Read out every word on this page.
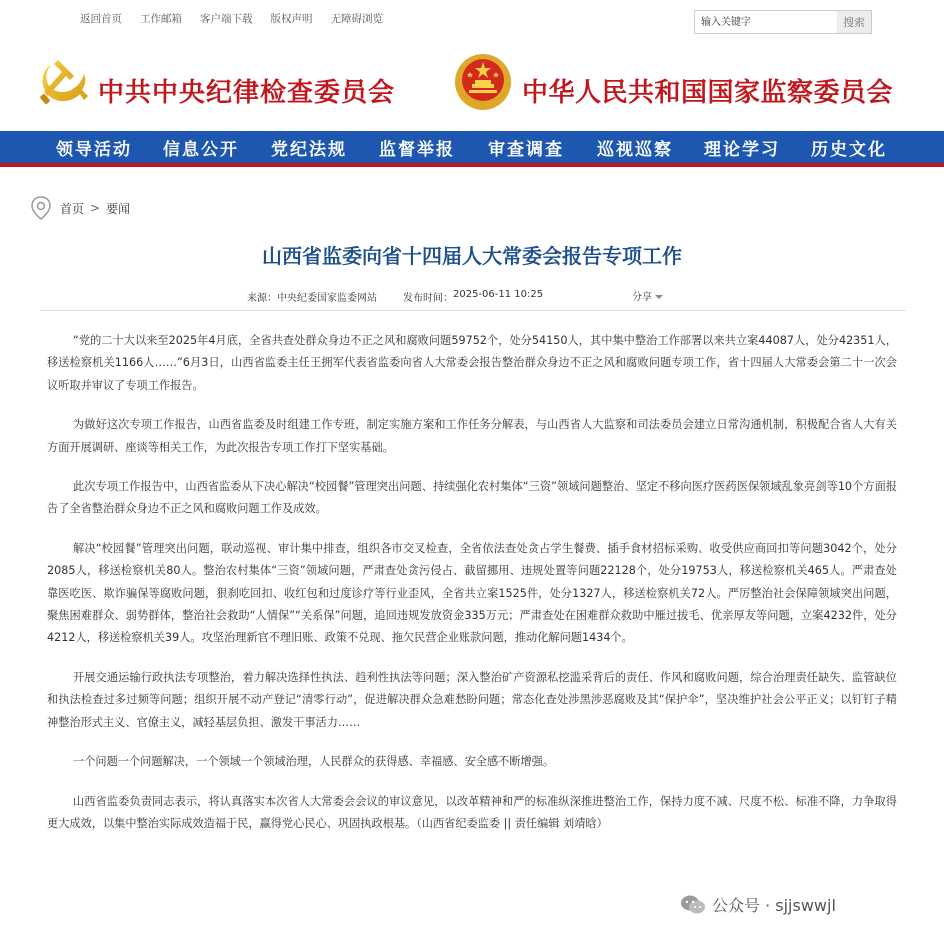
返回首页 工作邮箱 客户端下载 版权声明 无障碍浏览
输入关键字	搜索
中共中央纪律检查委员会	中华人民共和国国家监察委员会
领导活动 信息公开 党纪法规 监督举报 审查调查 巡视巡察 理论学习 历史文化
首页 > 要闻
山西省监委向省十四届人大常委会报告专项工作
来源： 中央纪委国家监委网站	发布时间： 2025-06-11 10:25	分享

“党的二十大以来至2025年4月底，全省共查处群众身边不正之风和腐败问题59752个，处分54150人，其中集中整治工作部署以来共立案44087人，处分42351人，移送检察机关1166人……”6月3日，山西省监委主任王拥军代表省监委向省人大常委会报告整治群众身边不正之风和腐败问题专项工作，省十四届人大常委会第二十一次会议听取并审议了专项工作报告。

为做好这次专项工作报告，山西省监委及时组建工作专班，制定实施方案和工作任务分解表，与山西省人大监察和司法委员会建立日常沟通机制，积极配合省人大有关方面开展调研、座谈等相关工作，为此次报告专项工作打下坚实基础。

此次专项工作报告中，山西省监委从下决心解决“校园餐”管理突出问题、持续强化农村集体“三资”领域问题整治、坚定不移向医疗医药医保领域乱象亮剑等10个方面报告了全省整治群众身边不正之风和腐败问题工作及成效。

解决“校园餐”管理突出问题，联动巡视、审计集中排查，组织各市交叉检查，全省依法查处贪占学生餐费、插手食材招标采购、收受供应商回扣等问题3042个，处分2085人，移送检察机关80人。整治农村集体“三资”领域问题，严肃查处贪污侵占、截留挪用、违规处置等问题22128个，处分19753人，移送检察机关465人。严肃查处靠医吃医、欺诈骗保等腐败问题，狠刹吃回扣、收红包和过度诊疗等行业歪风，全省共立案1525件，处分1327人，移送检察机关72人。严厉整治社会保障领域突出问题，聚焦困难群众、弱势群体，整治社会救助“人情保”“关系保”问题，追回违规发放资金335万元；严肃查处在困难群众救助中雁过拔毛、优亲厚友等问题，立案4232件，处分4212人，移送检察机关39人。攻坚治理新官不理旧账、政策不兑现、拖欠民营企业账款问题，推动化解问题1434个。

开展交通运输行政执法专项整治，着力解决选择性执法、趋利性执法等问题；深入整治矿产资源私挖滥采背后的责任、作风和腐败问题，综合治理责任缺失、监管缺位和执法检查过多过频等问题；组织开展不动产登记“清零行动”，促进解决群众急难愁盼问题；常态化查处涉黑涉恶腐败及其“保护伞”，坚决维护社会公平正义；以钉钉子精神整治形式主义、官僚主义，减轻基层负担、激发干事活力……

一个问题一个问题解决，一个领域一个领域治理，人民群众的获得感、幸福感、安全感不断增强。

山西省监委负责同志表示，将认真落实本次省人大常委会会议的审议意见，以改革精神和严的标准纵深推进整治工作，保持力度不减、尺度不松、标准不降，力争取得更大成效，以集中整治实际成效造福于民，赢得党心民心、巩固执政根基。（山西省纪委监委 || 责任编辑 刘靖晗）

公众号 · sjjswwjl
